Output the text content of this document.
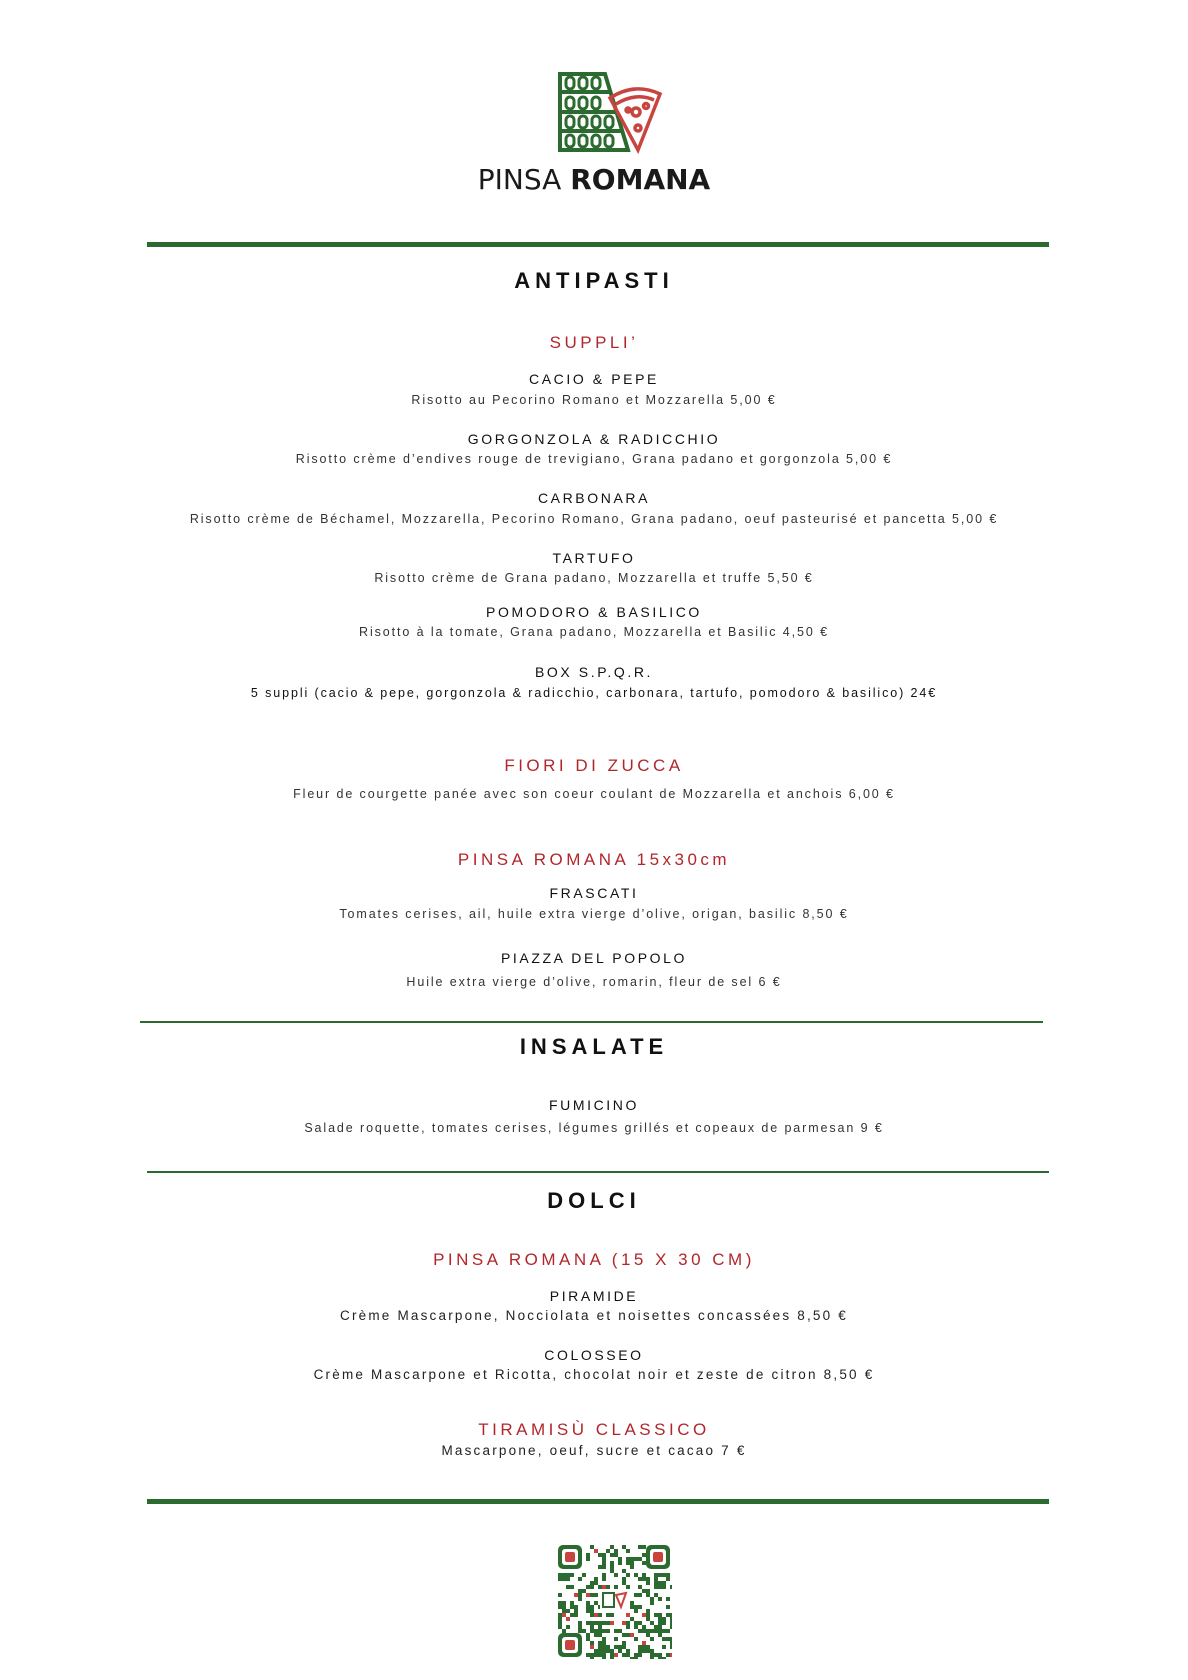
PINSA ROMANA
ANTIPASTI
SUPPLI’
CACIO & PEPE
Risotto au Pecorino Romano et Mozzarella 5,00 €
GORGONZOLA & RADICCHIO
Risotto crème d’endives rouge de trevigiano, Grana padano et gorgonzola 5,00 €
CARBONARA
Risotto crème de Béchamel, Mozzarella, Pecorino Romano, Grana padano, oeuf pasteurisé et pancetta 5,00 €
TARTUFO
Risotto crème de Grana padano, Mozzarella et truffe 5,50 €
POMODORO & BASILICO
Risotto à la tomate, Grana padano, Mozzarella et Basilic 4,50 €
BOX S.P.Q.R.
5 suppli (cacio & pepe, gorgonzola & radicchio, carbonara, tartufo, pomodoro & basilico) 24€
FIORI DI ZUCCA
Fleur de courgette panée avec son coeur coulant de Mozzarella et anchois 6,00 €
PINSA ROMANA 15x30cm
FRASCATI
Tomates cerises, ail, huile extra vierge d’olive, origan, basilic 8,50 €
PIAZZA DEL POPOLO
Huile extra vierge d’olive, romarin, fleur de sel 6 €
INSALATE
FUMICINO
Salade roquette, tomates cerises, légumes grillés et copeaux de parmesan 9 €
DOLCI
PINSA ROMANA (15 X 30 CM)
PIRAMIDE
Crème Mascarpone, Nocciolata et noisettes concassées 8,50 €
COLOSSEO
Crème Mascarpone et Ricotta, chocolat noir et zeste de citron 8,50 €
TIRAMISÙ CLASSICO
Mascarpone, oeuf, sucre et cacao 7 €
